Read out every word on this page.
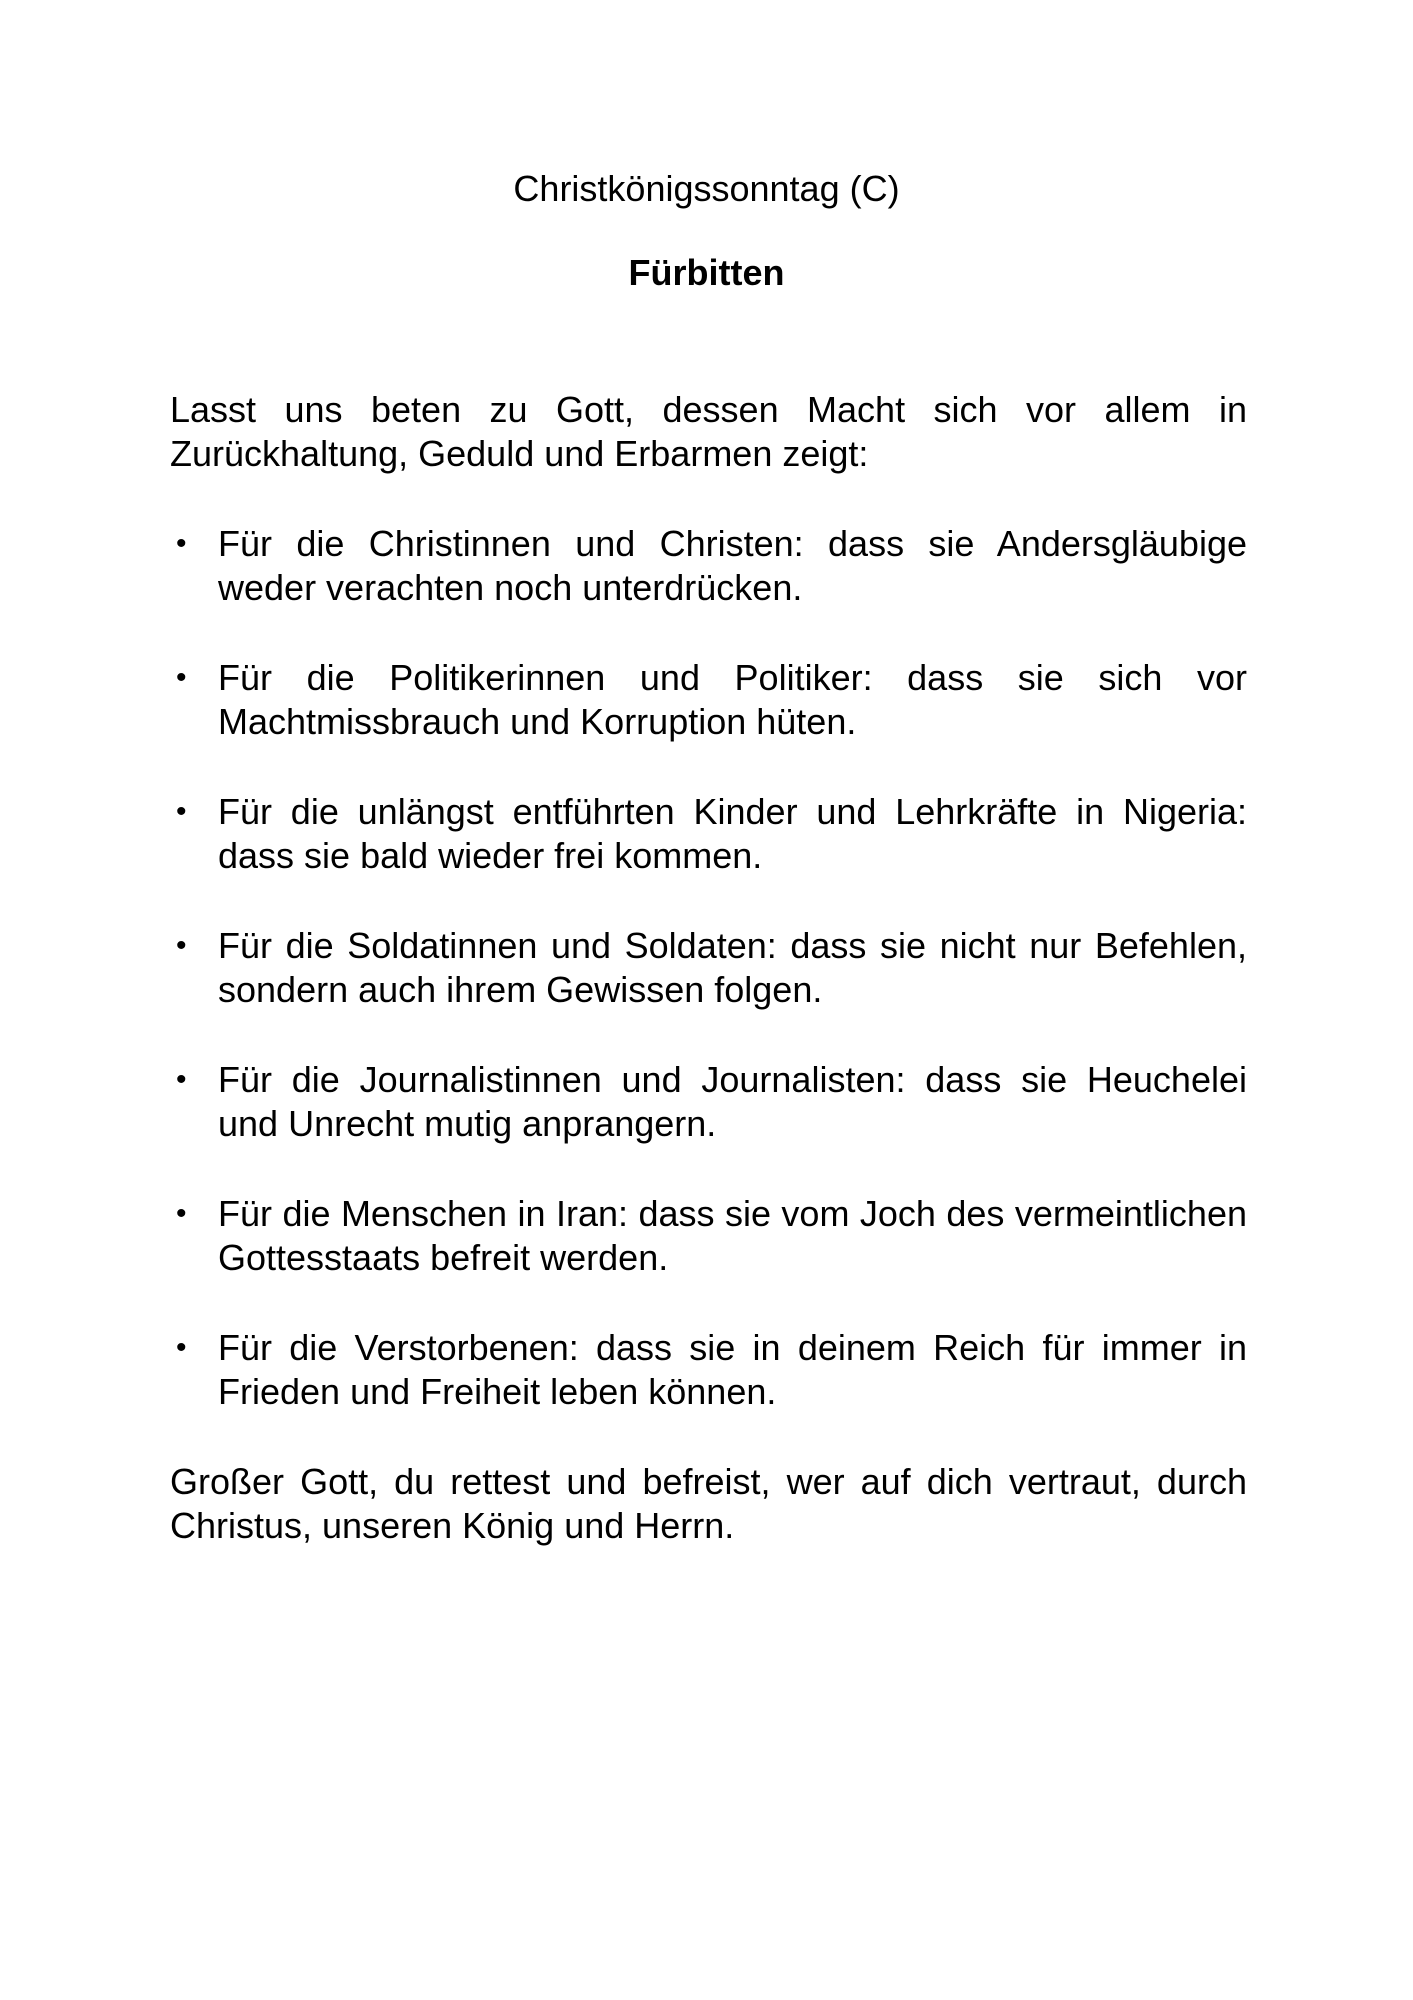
Christkönigssonntag (C)

Fürbitten

Lasst uns beten zu Gott, dessen Macht sich vor allem in Zurückhaltung, Geduld und Erbarmen zeigt:

• Für die Christinnen und Christen: dass sie Andersgläubige weder verachten noch unterdrücken.
• Für die Politikerinnen und Politiker: dass sie sich vor Machtmissbrauch und Korruption hüten.
• Für die unlängst entführten Kinder und Lehrkräfte in Nigeria: dass sie bald wieder frei kommen.
• Für die Soldatinnen und Soldaten: dass sie nicht nur Befehlen, sondern auch ihrem Gewissen folgen.
• Für die Journalistinnen und Journalisten: dass sie Heuchelei und Unrecht mutig anprangern.
• Für die Menschen in Iran: dass sie vom Joch des vermeintlichen Gottesstaats befreit werden.
• Für die Verstorbenen: dass sie in deinem Reich für immer in Frieden und Freiheit leben können.

Großer Gott, du rettest und befreist, wer auf dich vertraut, durch Christus, unseren König und Herrn.
